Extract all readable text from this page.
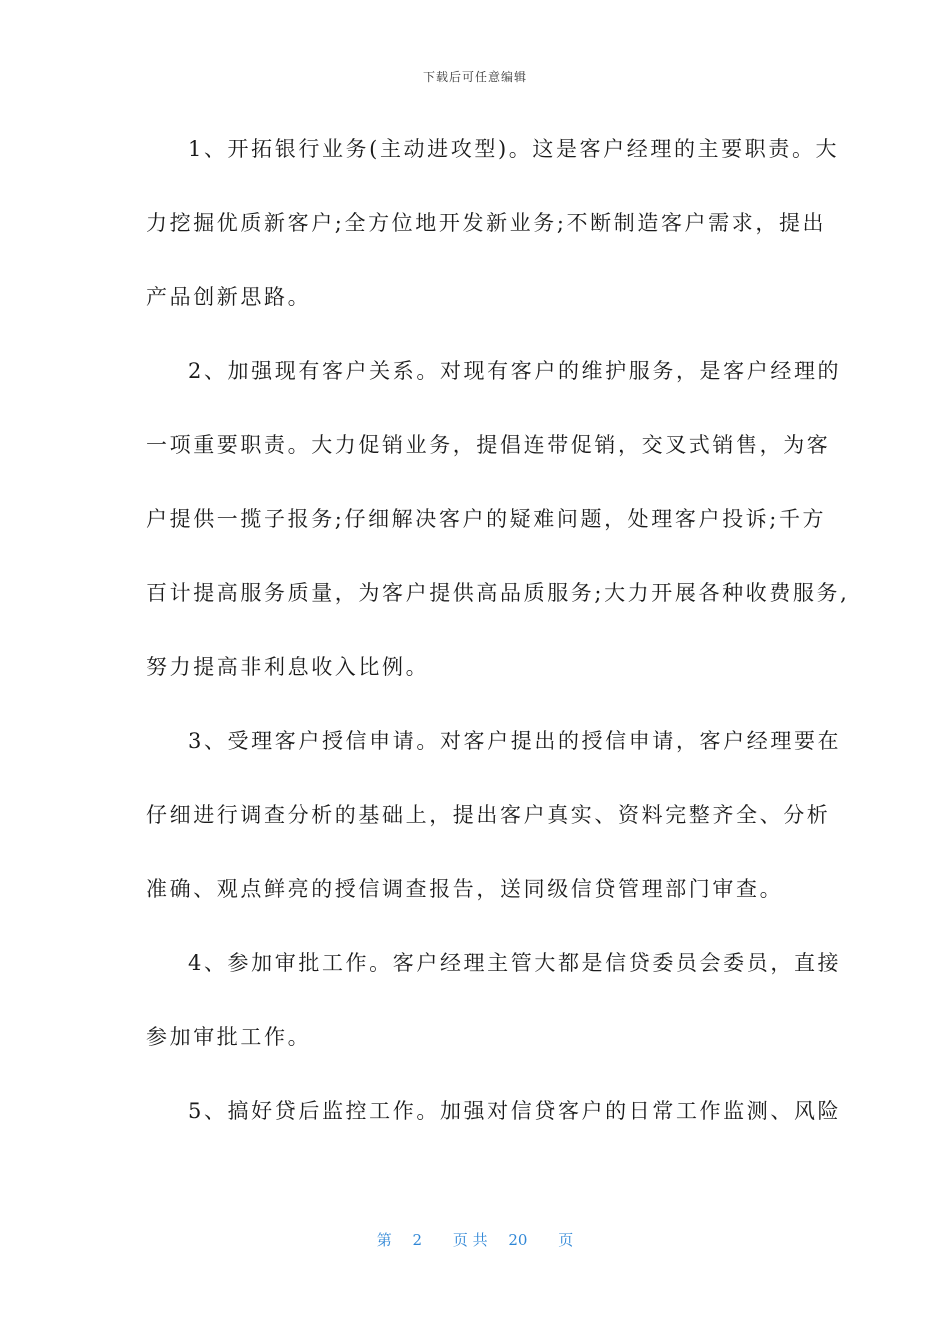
下载后可任意编辑
1、开拓银行业务(主动进攻型)。这是客户经理的主要职责。大
力挖掘优质新客户;全方位地开发新业务;不断制造客户需求，提出
产品创新思路。
2、加强现有客户关系。对现有客户的维护服务，是客户经理的
一项重要职责。大力促销业务，提倡连带促销，交叉式销售，为客
户提供一揽子报务;仔细解决客户的疑难问题，处理客户投诉;千方
百计提高服务质量，为客户提供高品质服务;大力开展各种收费服务,
努力提高非利息收入比例。
3、受理客户授信申请。对客户提出的授信申请，客户经理要在
仔细进行调查分析的基础上，提出客户真实、资料完整齐全、分析
准确、观点鲜亮的授信调查报告，送同级信贷管理部门审查。
4、参加审批工作。客户经理主管大都是信贷委员会委员，直接
参加审批工作。
5、搞好贷后监控工作。加强对信贷客户的日常工作监测、风险
第 2 页 共 20 页
